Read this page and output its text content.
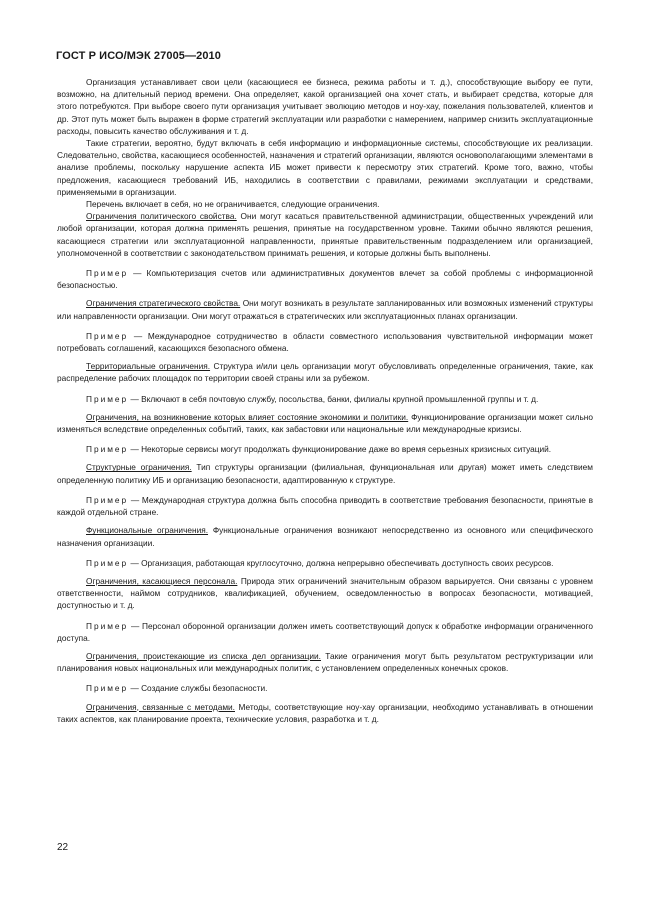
ГОСТ Р ИСО/МЭК 27005—2010

Организация устанавливает свои цели (касающиеся ее бизнеса, режима работы и т. д.), способствующие выбору ее пути, возможно, на длительный период времени. Она определяет, какой организацией она хочет стать, и выбирает средства, которые для этого потребуются. При выборе своего пути организация учитывает эволюцию методов и ноу-хау, пожелания пользователей, клиентов и др. Этот путь может быть выражен в форме стратегий эксплуатации или разработки с намерением, например снизить эксплуатационные расходы, повысить качество обслуживания и т. д.

Такие стратегии, вероятно, будут включать в себя информацию и информационные системы, способствующие их реализации. Следовательно, свойства, касающиеся особенностей, назначения и стратегий организации, являются основополагающими элементами в анализе проблемы, поскольку нарушение аспекта ИБ может привести к пересмотру этих стратегий. Кроме того, важно, чтобы предложения, касающиеся требований ИБ, находились в соответствии с правилами, режимами эксплуатации и средствами, применяемыми в организации.

Перечень включает в себя, но не ограничивается, следующие ограничения.

Ограничения политического свойства. Они могут касаться правительственной администрации, общественных учреждений или любой организации, которая должна применять решения, принятые на государственном уровне. Такими обычно являются решения, касающиеся стратегии или эксплуатационной направленности, принятые правительственным подразделением или организацией, уполномоченной в соответствии с законодательством принимать решения, и которые должны быть выполнены.

Пример — Компьютеризация счетов или административных документов влечет за собой проблемы с информационной безопасностью.

Ограничения стратегического свойства. Они могут возникать в результате запланированных или возможных изменений структуры или направленности организации. Они могут отражаться в стратегических или эксплуатационных планах организации.

Пример — Международное сотрудничество в области совместного использования чувствительной информации может потребовать соглашений, касающихся безопасного обмена.

Территориальные ограничения. Структура и/или цель организации могут обусловливать определенные ограничения, такие, как распределение рабочих площадок по территории своей страны или за рубежом.

Пример — Включают в себя почтовую службу, посольства, банки, филиалы крупной промышленной группы и т. д.

Ограничения, на возникновение которых влияет состояние экономики и политики. Функционирование организации может сильно изменяться вследствие определенных событий, таких, как забастовки или национальные или международные кризисы.

Пример — Некоторые сервисы могут продолжать функционирование даже во время серьезных кризисных ситуаций.

Структурные ограничения. Тип структуры организации (филиальная, функциональная или другая) может иметь следствием определенную политику ИБ и организацию безопасности, адаптированную к структуре.

Пример — Международная структура должна быть способна приводить в соответствие требования безопасности, принятые в каждой отдельной стране.

Функциональные ограничения. Функциональные ограничения возникают непосредственно из основного или специфического назначения организации.

Пример — Организация, работающая круглосуточно, должна непрерывно обеспечивать доступность своих ресурсов.

Ограничения, касающиеся персонала. Природа этих ограничений значительным образом варьируется. Они связаны с уровнем ответственности, наймом сотрудников, квалификацией, обучением, осведомленностью в вопросах безопасности, мотивацией, доступностью и т. д.

Пример — Персонал оборонной организации должен иметь соответствующий допуск к обработке информации ограниченного доступа.

Ограничения, проистекающие из списка дел организации. Такие ограничения могут быть результатом реструктуризации или планирования новых национальных или международных политик, с установлением определенных конечных сроков.

Пример — Создание службы безопасности.

Ограничения, связанные с методами. Методы, соответствующие ноу-хау организации, необходимо устанавливать в отношении таких аспектов, как планирование проекта, технические условия, разработка и т. д.

22
